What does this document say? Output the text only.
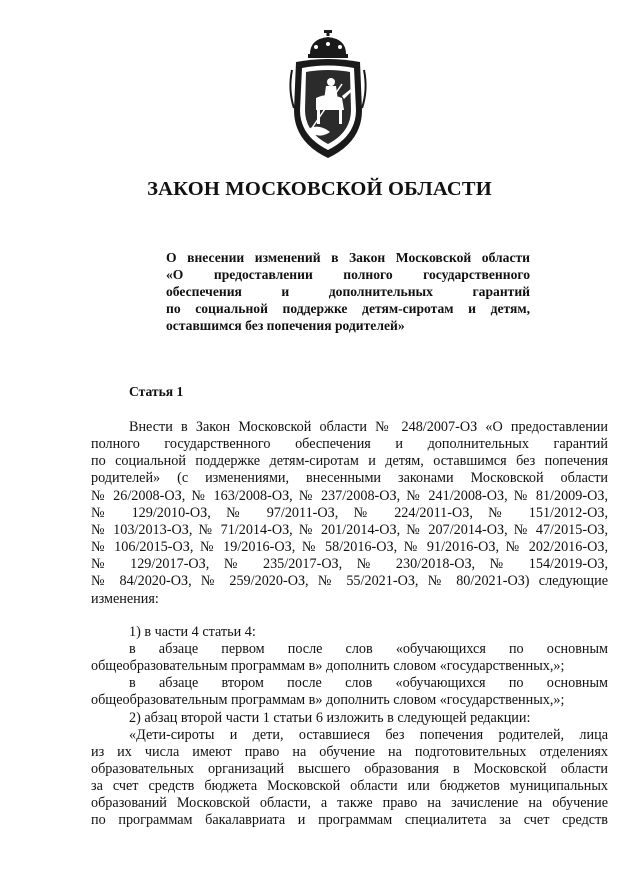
ЗАКОН МОСКОВСКОЙ ОБЛАСТИ
О внесении изменений в Закон Московской области
«О предоставлении полного государственного
обеспечения и дополнительных гарантий
по социальной поддержке детям-сиротам и детям,
оставшимся без попечения родителей»
Статья 1
Внести в Закон Московской области № 248/2007-ОЗ «О предоставлении
полного государственного обеспечения и дополнительных гарантий
по социальной поддержке детям-сиротам и детям, оставшимся без попечения
родителей» (с изменениями, внесенными законами Московской области
№ 26/2008-ОЗ, № 163/2008-ОЗ, № 237/2008-ОЗ, № 241/2008-ОЗ, № 81/2009-ОЗ,
№ 129/2010-ОЗ, № 97/2011-ОЗ, № 224/2011-ОЗ, № 151/2012-ОЗ,
№ 103/2013-ОЗ, № 71/2014-ОЗ, № 201/2014-ОЗ, № 207/2014-ОЗ, № 47/2015-ОЗ,
№ 106/2015-ОЗ, № 19/2016-ОЗ, № 58/2016-ОЗ, № 91/2016-ОЗ, № 202/2016-ОЗ,
№ 129/2017-ОЗ, № 235/2017-ОЗ, № 230/2018-ОЗ, № 154/2019-ОЗ,
№ 84/2020-ОЗ, № 259/2020-ОЗ, № 55/2021-ОЗ, № 80/2021-ОЗ) следующие
изменения:
1) в части 4 статьи 4:
в абзаце первом после слов «обучающихся по основным
общеобразовательным программам в» дополнить словом «государственных,»;
в абзаце втором после слов «обучающихся по основным
общеобразовательным программам в» дополнить словом «государственных,»;
2) абзац второй части 1 статьи 6 изложить в следующей редакции:
«Дети-сироты и дети, оставшиеся без попечения родителей, лица
из их числа имеют право на обучение на подготовительных отделениях
образовательных организаций высшего образования в Московской области
за счет средств бюджета Московской области или бюджетов муниципальных
образований Московской области, а также право на зачисление на обучение
по программам бакалавриата и программам специалитета за счет средств
